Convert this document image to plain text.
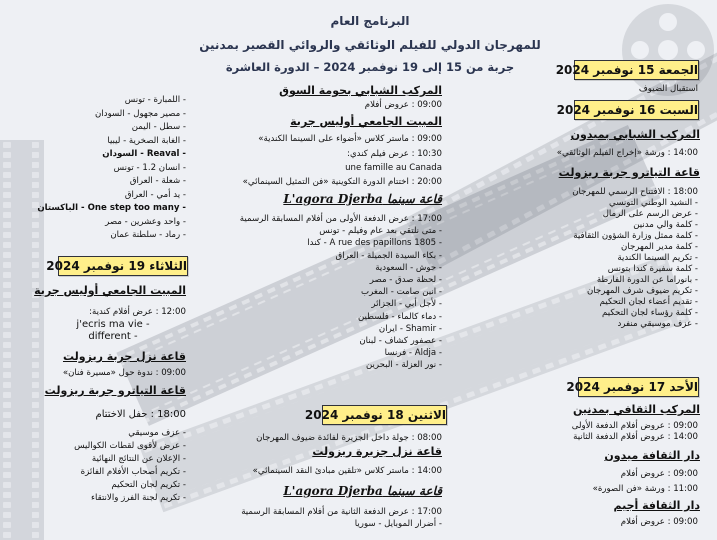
البرنامج العام
للمهرجان الدولي للفيلم الوثائقي والروائي القصير بمدنين
جربة من 15 إلى 19 نوفمبر 2024 – الدورة العاشرة	الجمعة 15 نوفمبر 2024
استقبال الضيوف
السبت 16 نوفمبر 2024
المركب الشبابي بميدون
14:00 : ورشة «إخراج الفيلم الوثائقي»
قاعة التياترو جربة ريزولت
18:00 : الافتتاح الرسمي للمهرجان
- النشيد الوطني التونسي
- عرض الرسم على الرمال
- كلمة والي مدنين
- كلمة ممثل وزارة الشؤون الثقافية
- كلمة مدير المهرجان
- تكريم السينما الكندية
- كلمة سفيرة كندا بتونس
- بانوراما عن الدورة الفارطة
- تكريم ضيوف شرف المهرجان
- تقديم أعضاء لجان التحكيم
- كلمة رؤساء لجان التحكيم
- عزف موسيقي منفرد
الأحد 17 نوفمبر 2024
المركب الثقافي بمدنين
09:00 : عروض أفلام الدفعة الأولى
14:00 : عروض أفلام الدفعة الثانية
دار الثقافة ميدون
09:00 : عروض أفلام
11:00 : ورشة «فن الصورة»
دار الثقافة أجيم
09:00 : عروض أفلام
المركب الشبابي بحومة السوق
09:00 : عروض أفلام
المبيت الجامعي أوليس جربة
09:00 : ماستر كلاس «أضواء على السينما الكندية»
10:30 : عرض فيلم كندي:
une famille au Canada
20:00 : اختتام الدورة التكوينية «فن التمثيل السينمائي»
قاعة سينما L'agora Djerba
17:00 : عرض الدفعة الأولى من أفلام المسابقة الرسمية
- متى نلتقي بعد عام وفيلم - تونس
- 1805 A rue des papillons - كندا
- بكاء السيدة الجميلة - العراق
- حوش - السعودية
- لحظة صدق - مصر
- انين صامت - المغرب
- لأجل أبي - الجزائر
- دماء كالماء - فلسطين
- Shamir - ايران
- عصفور كشاف - لبنان
- Aldja - فرنسا
- نور العزلة - البحرين
الاثنين 18 نوفمبر 2024
08:00 : جولة داخل الجزيرة لفائدة ضيوف المهرجان
قاعة نزل جزيرة ريزولت
14:00 : ماستر كلاس «تلقين مبادئ النقد السينمائي»
قاعة سينما L'agora Djerba
17:00 : عرض الدفعة الثانية من أفلام المسابقة الرسمية
- أضرار الموبايل - سوريا
- اللمبارة - تونس
- مصير مجهول - السودان
- سطل - اليمن
- الغابة الصخرية - ليبيا
- Reaval - السودان
- انسان 1.2 - تونس
- شعلة - العراق
- يد أمي - العراق
- One step too many - الباكستان
- واحد وعشرين - مصر
- رماد - سلطنة عمان
الثلاثاء 19 نوفمبر 2024
المبيت الجامعي أوليس جربة
12:00 : عرض أفلام كندية:
j'ecris ma vie -
different -
قاعة نزل جربة ريزولت
09:00 : ندوة حول «مسيرة فنان»
قاعة التياترو جربة ريزولت
18:00 : حفل الاختتام
- عزف موسيقي
- عرض لأقوى لقطات الكواليس
- الإعلان عن النتائج النهائية
- تكريم أصحاب الأفلام الفائزة
- تكريم لجان التحكيم
- تكريم لجنة الفرز والانتقاء
